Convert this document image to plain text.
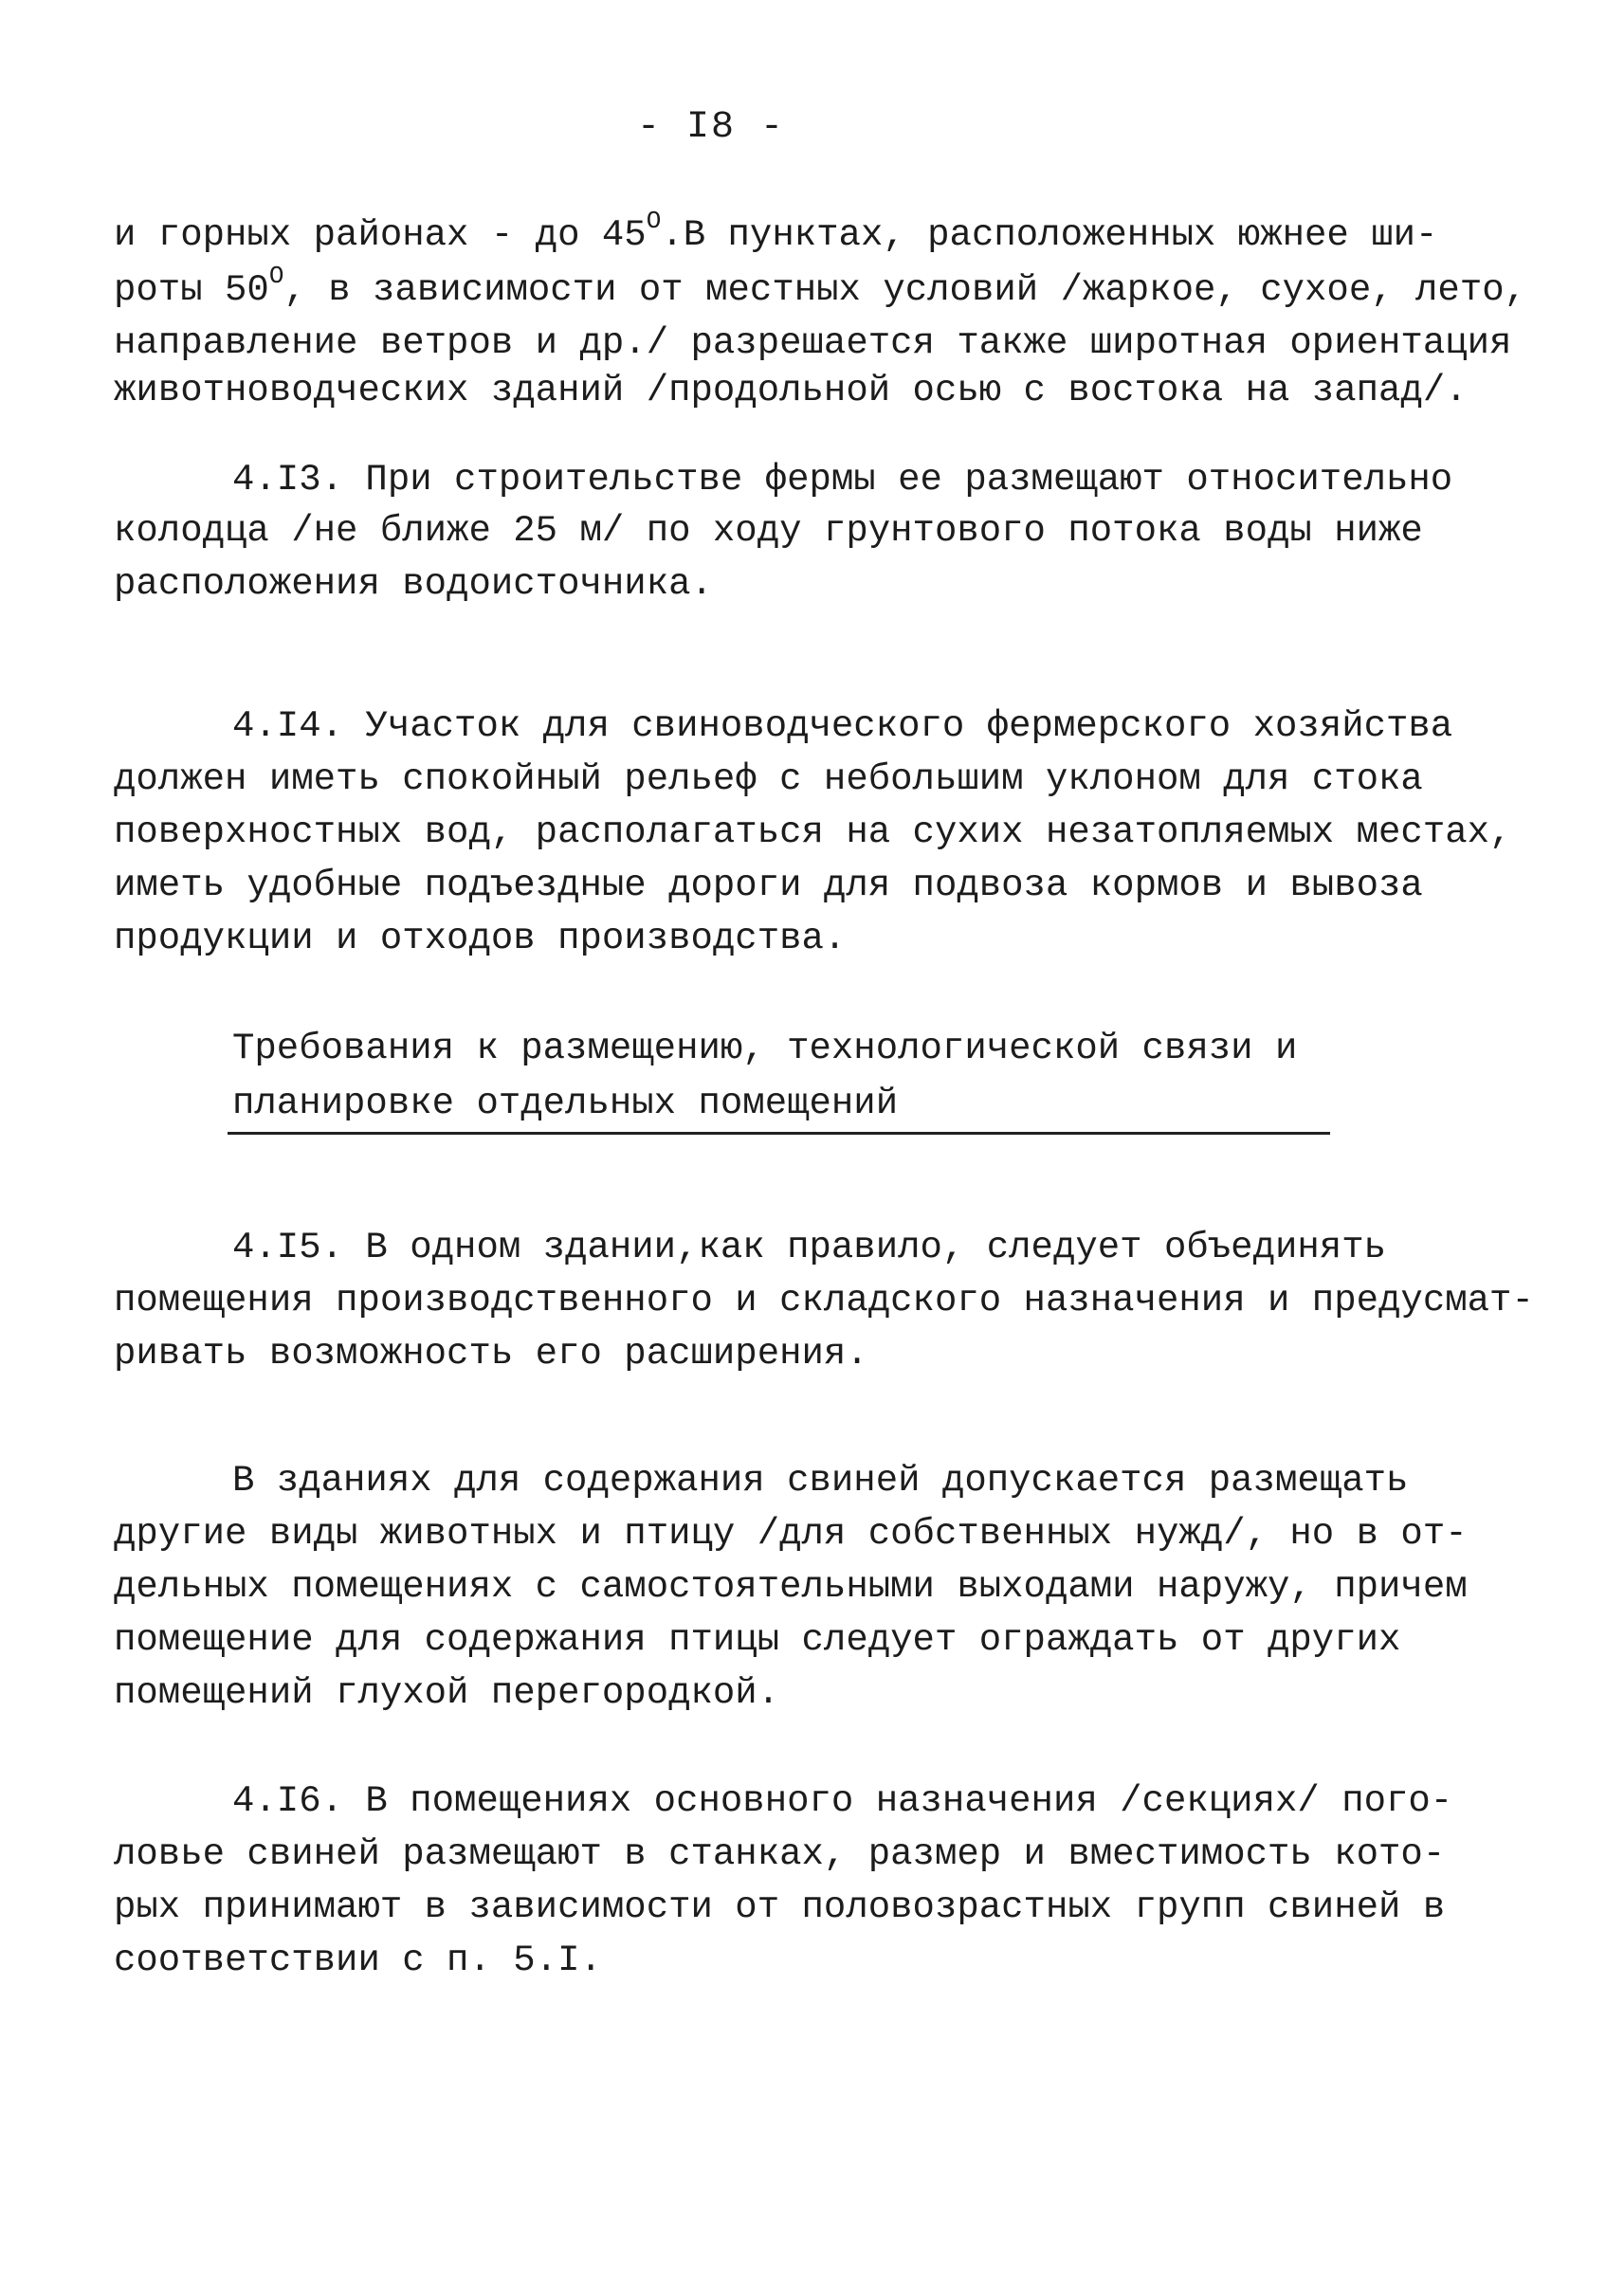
- I8 -
и горных районах - до $45^O.В$ пунктах, расположенных южнее ши-
роты $50^O$, в зависимости от местных условий /жаркое, сухое, лето,
направление ветров и др./ разрешается также широтная ориентация
животноводческих зданий /продольной осью с востока на запад/.
4.I3. При строительстве фермы ее размещают относительно
колодца /не ближе 25 м/ по ходу грунтового потока воды ниже
расположения водоисточника.
4.I4. Участок для свиноводческого фермерского хозяйства
должен иметь спокойный рельеф с небольшим уклоном для стока
поверхностных вод, располагаться на сухих незатопляемых местах,
иметь удобные подъездные дороги для подвоза кормов и вывоза
продукции и отходов производства.
Требования к размещению, технологической связи и
планировке отдельных помещений
4.I5. В одном здании,как правило, следует объединять
помещения производственного и складского назначения и предусмат-
ривать возможность его расширения.
В зданиях для содержания свиней допускается размещать
другие виды животных и птицу /для собственных нужд/, но в от-
дельных помещениях с самостоятельными выходами наружу, причем
помещение для содержания птицы следует ограждать от других
помещений глухой перегородкой.
4.I6. В помещениях основного назначения /секциях/ пого-
ловье свиней размещают в станках, размер и вместимость кото-
рых принимают в зависимости от половозрастных групп свиней в
соответствии с п. 5.I.
